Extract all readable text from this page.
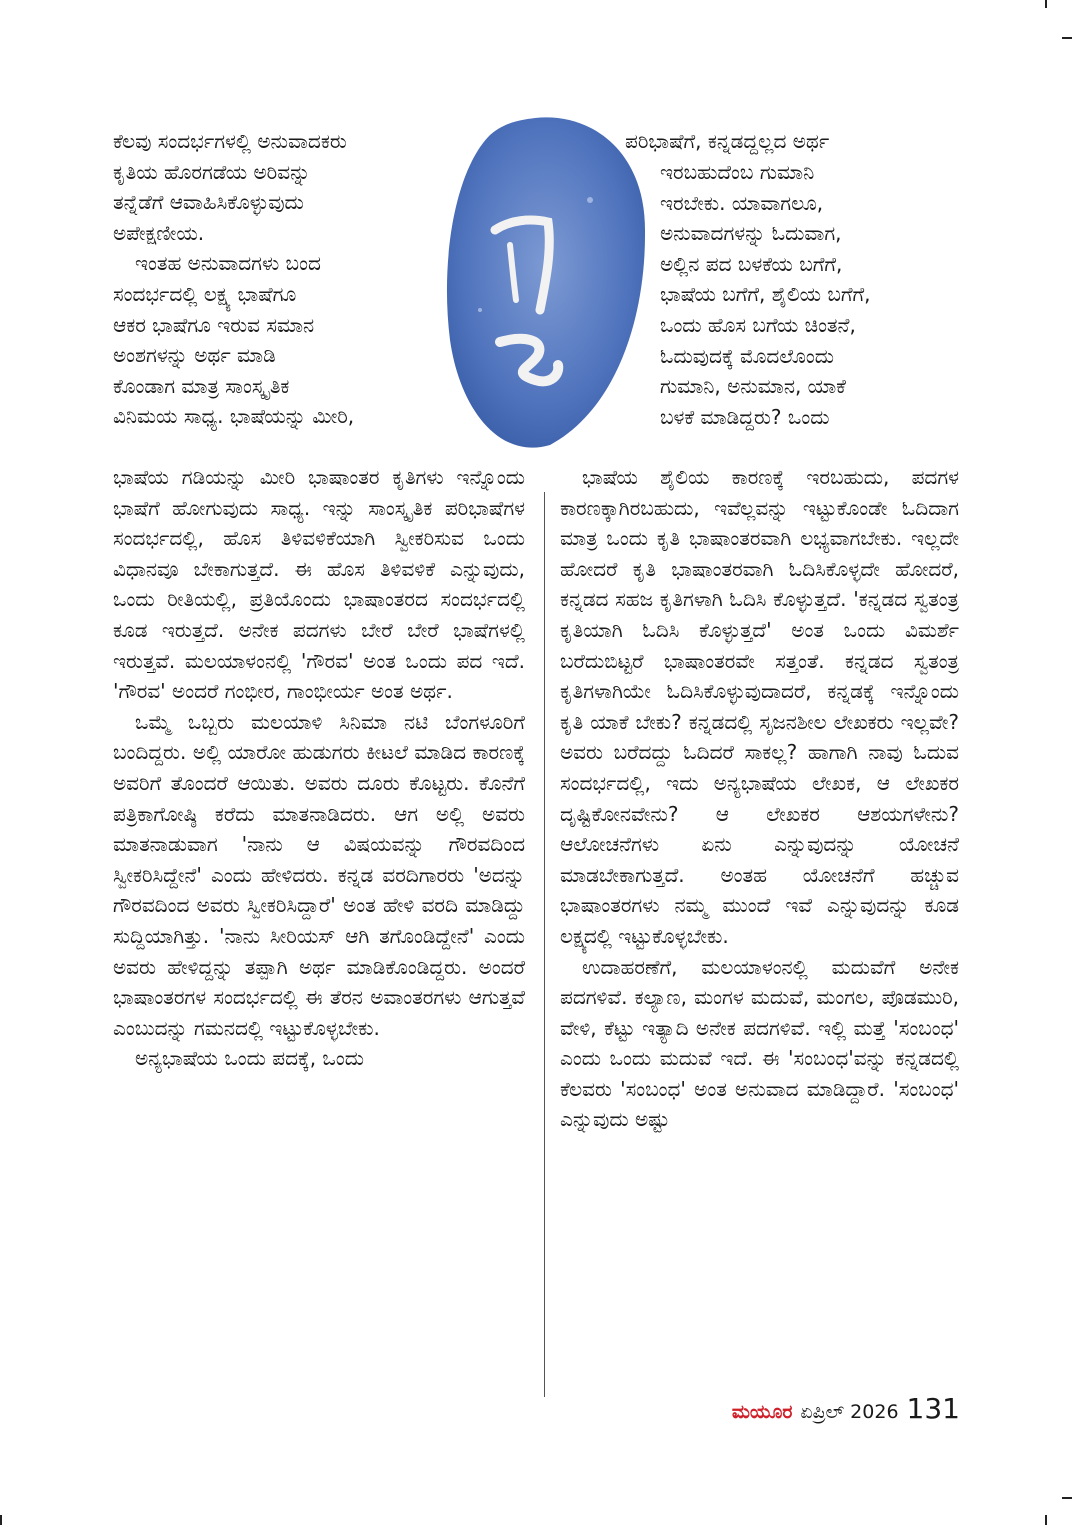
ಕೆಲವು ಸಂದರ್ಭಗಳಲ್ಲಿ ಅನುವಾದಕರು

ಕೃತಿಯ ಹೊರಗಡೆಯ ಅರಿವನ್ನು

ತನ್ನೆಡೆಗೆ ಆವಾಹಿಸಿಕೊಳ್ಳುವುದು

ಅಪೇಕ್ಷಣೀಯ.

ಇಂತಹ ಅನುವಾದಗಳು ಬಂದ

ಸಂದರ್ಭದಲ್ಲಿ ಲಕ್ಷ್ಯ ಭಾಷೆಗೂ

ಆಕರ ಭಾಷೆಗೂ ಇರುವ ಸಮಾನ

ಅಂಶಗಳನ್ನು ಅರ್ಥ ಮಾಡಿ

ಕೊಂಡಾಗ ಮಾತ್ರ ಸಾಂಸ್ಕೃತಿಕ

ವಿನಿಮಯ ಸಾಧ್ಯ. ಭಾಷೆಯನ್ನು ಮೀರಿ,

ಭಾಷೆಯ ಗಡಿಯನ್ನು ಮೀರಿ ಭಾಷಾಂತರ ಕೃತಿಗಳು ಇನ್ನೊಂದು ಭಾಷೆಗೆ ಹೋಗುವುದು ಸಾಧ್ಯ. ಇನ್ನು ಸಾಂಸ್ಕೃತಿಕ ಪರಿಭಾಷೆಗಳ ಸಂದರ್ಭದಲ್ಲಿ, ಹೊಸ ತಿಳಿವಳಿಕೆಯಾಗಿ ಸ್ವೀಕರಿಸುವ ಒಂದು ವಿಧಾನವೂ ಬೇಕಾಗುತ್ತದೆ. ಈ ಹೊಸ ತಿಳಿವಳಿಕೆ ಎನ್ನುವುದು, ಒಂದು ರೀತಿಯಲ್ಲಿ, ಪ್ರತಿಯೊಂದು ಭಾಷಾಂತರದ ಸಂದರ್ಭದಲ್ಲಿ ಕೂಡ ಇರುತ್ತದೆ. ಅನೇಕ ಪದಗಳು ಬೇರೆ ಬೇರೆ ಭಾಷೆಗಳಲ್ಲಿ ಇರುತ್ತವೆ. ಮಲಯಾಳಂನಲ್ಲಿ 'ಗೌರವ' ಅಂತ ಒಂದು ಪದ ಇದೆ. 'ಗೌರವ' ಅಂದರೆ ಗಂಭೀರ, ಗಾಂಭೀರ್ಯ ಅಂತ ಅರ್ಥ.

ಒಮ್ಮೆ ಒಬ್ಬರು ಮಲಯಾಳಿ ಸಿನಿಮಾ ನಟಿ ಬೆಂಗಳೂರಿಗೆ ಬಂದಿದ್ದರು. ಅಲ್ಲಿ ಯಾರೋ ಹುಡುಗರು ಕೀಟಲೆ ಮಾಡಿದ ಕಾರಣಕ್ಕೆ ಅವರಿಗೆ ತೊಂದರೆ ಆಯಿತು. ಅವರು ದೂರು ಕೊಟ್ಟರು. ಕೊನೆಗೆ ಪತ್ರಿಕಾಗೋಷ್ಠಿ ಕರೆದು ಮಾತನಾಡಿದರು. ಆಗ ಅಲ್ಲಿ ಅವರು ಮಾತನಾಡುವಾಗ 'ನಾನು ಆ ವಿಷಯವನ್ನು ಗೌರವದಿಂದ ಸ್ವೀಕರಿಸಿದ್ದೇನೆ' ಎಂದು ಹೇಳಿದರು. ಕನ್ನಡ ವರದಿಗಾರರು 'ಅದನ್ನು ಗೌರವದಿಂದ ಅವರು ಸ್ವೀಕರಿಸಿದ್ದಾರೆ' ಅಂತ ಹೇಳಿ ವರದಿ ಮಾಡಿದ್ದು ಸುದ್ದಿಯಾಗಿತ್ತು. 'ನಾನು ಸೀರಿಯಸ್ ಆಗಿ ತಗೊಂಡಿದ್ದೇನೆ' ಎಂದು ಅವರು ಹೇಳಿದ್ದನ್ನು ತಪ್ಪಾಗಿ ಅರ್ಥ ಮಾಡಿಕೊಂಡಿದ್ದರು. ಅಂದರೆ ಭಾಷಾಂತರಗಳ ಸಂದರ್ಭದಲ್ಲಿ ಈ ತೆರನ ಅವಾಂತರಗಳು ಆಗುತ್ತವೆ ಎಂಬುದನ್ನು ಗಮನದಲ್ಲಿ ಇಟ್ಟುಕೊಳ್ಳಬೇಕು.

ಅನ್ಯಭಾಷೆಯ ಒಂದು ಪದಕ್ಕೆ, ಒಂದು

ಪರಿಭಾಷೆಗೆ, ಕನ್ನಡದ್ದಲ್ಲದ ಅರ್ಥ

ಇರಬಹುದೆಂಬ ಗುಮಾನಿ

ಇರಬೇಕು. ಯಾವಾಗಲೂ,

ಅನುವಾದಗಳನ್ನು ಓದುವಾಗ,

ಅಲ್ಲಿನ ಪದ ಬಳಕೆಯ ಬಗೆಗೆ,

ಭಾಷೆಯ ಬಗೆಗೆ, ಶೈಲಿಯ ಬಗೆಗೆ,

ಒಂದು ಹೊಸ ಬಗೆಯ ಚಿಂತನೆ,

ಓದುವುದಕ್ಕೆ ಮೊದಲೊಂದು

ಗುಮಾನಿ, ಅನುಮಾನ, ಯಾಕೆ

ಬಳಕೆ ಮಾಡಿದ್ದರು? ಒಂದು

ಭಾಷೆಯ ಶೈಲಿಯ ಕಾರಣಕ್ಕೆ ಇರಬಹುದು, ಪದಗಳ ಕಾರಣಕ್ಕಾಗಿರಬಹುದು, ಇವೆಲ್ಲವನ್ನು ಇಟ್ಟುಕೊಂಡೇ ಓದಿದಾಗ ಮಾತ್ರ ಒಂದು ಕೃತಿ ಭಾಷಾಂತರವಾಗಿ ಲಭ್ಯವಾಗಬೇಕು. ಇಲ್ಲದೇ ಹೋದರೆ ಕೃತಿ ಭಾಷಾಂತರವಾಗಿ ಓದಿಸಿಕೊಳ್ಳದೇ ಹೋದರೆ, ಕನ್ನಡದ ಸಹಜ ಕೃತಿಗಳಾಗಿ ಓದಿಸಿ ಕೊಳ್ಳುತ್ತದೆ. 'ಕನ್ನಡದ ಸ್ವತಂತ್ರ ಕೃತಿಯಾಗಿ ಓದಿಸಿ ಕೊಳ್ಳುತ್ತದೆ' ಅಂತ ಒಂದು ವಿಮರ್ಶೆ ಬರೆದುಬಿಟ್ಟರೆ ಭಾಷಾಂತರವೇ ಸತ್ತಂತೆ. ಕನ್ನಡದ ಸ್ವತಂತ್ರ ಕೃತಿಗಳಾಗಿಯೇ ಓದಿಸಿಕೊಳ್ಳುವುದಾದರೆ, ಕನ್ನಡಕ್ಕೆ ಇನ್ನೊಂದು ಕೃತಿ ಯಾಕೆ ಬೇಕು? ಕನ್ನಡದಲ್ಲಿ ಸೃಜನಶೀಲ ಲೇಖಕರು ಇಲ್ಲವೇ? ಅವರು ಬರೆದದ್ದು ಓದಿದರೆ ಸಾಕಲ್ಲ? ಹಾಗಾಗಿ ನಾವು ಓದುವ ಸಂದರ್ಭದಲ್ಲಿ, ಇದು ಅನ್ಯಭಾಷೆಯ ಲೇಖಕ, ಆ ಲೇಖಕರ ದೃಷ್ಟಿಕೋನವೇನು? ಆ ಲೇಖಕರ ಆಶಯಗಳೇನು? ಆಲೋಚನೆಗಳು ಏನು ಎನ್ನುವುದನ್ನು ಯೋಚನೆ ಮಾಡಬೇಕಾಗುತ್ತದೆ. ಅಂತಹ ಯೋಚನೆಗೆ ಹಚ್ಚುವ ಭಾಷಾಂತರಗಳು ನಮ್ಮ ಮುಂದೆ ಇವೆ ಎನ್ನುವುದನ್ನು ಕೂಡ ಲಕ್ಷ್ಯದಲ್ಲಿ ಇಟ್ಟುಕೊಳ್ಳಬೇಕು.

ಉದಾಹರಣೆಗೆ, ಮಲಯಾಳಂನಲ್ಲಿ ಮದುವೆಗೆ ಅನೇಕ ಪದಗಳಿವೆ. ಕಲ್ಯಾಣ, ಮಂಗಳ ಮದುವೆ, ಮಂಗಲ, ಪೊಡಮುರಿ, ವೇಳಿ, ಕೆಟ್ಟು ಇತ್ಯಾದಿ ಅನೇಕ ಪದಗಳಿವೆ. ಇಲ್ಲಿ ಮತ್ತೆ 'ಸಂಬಂಧ' ಎಂದು ಒಂದು ಮದುವೆ ಇದೆ. ಈ 'ಸಂಬಂಧ'ವನ್ನು ಕನ್ನಡದಲ್ಲಿ ಕೆಲವರು 'ಸಂಬಂಧ' ಅಂತ ಅನುವಾದ ಮಾಡಿದ್ದಾರೆ. 'ಸಂಬಂಧ' ಎನ್ನುವುದು ಅಷ್ಟು

ಮಯೂರ ಏಪ್ರಿಲ್ 2026 131
